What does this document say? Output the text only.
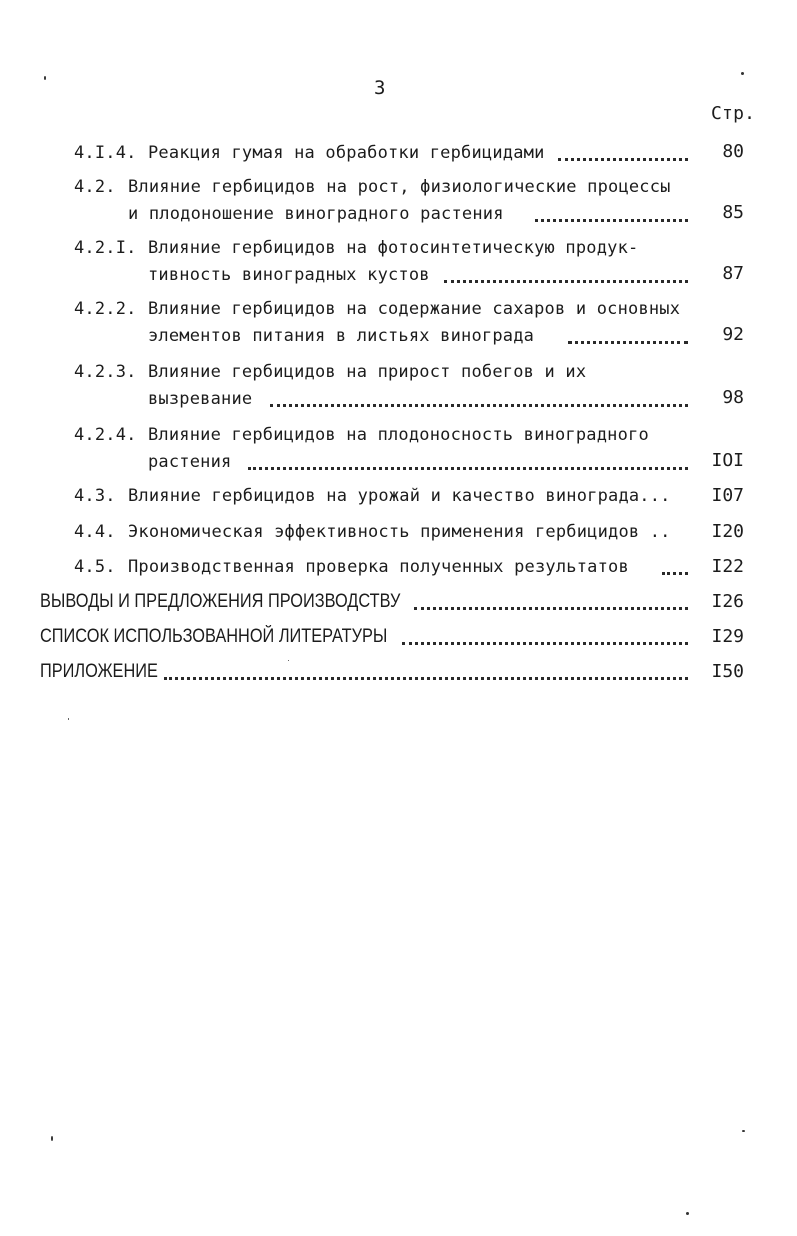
3
Стр.
4.I.4. Реакция гумая на обработки гербицидами	80
4.2. Влияние гербицидов на рост, физиологические процессы
и плодоношение виноградного растения	85
4.2.I. Влияние гербицидов на фотосинтетическую продук-
тивность виноградных кустов	87
4.2.2. Влияние гербицидов на содержание сахаров и основных
элементов питания в листьях винограда	92
4.2.3. Влияние гербицидов на прирост побегов и их
вызревание	98
4.2.4. Влияние гербицидов на плодоносность виноградного
растения	IOI
4.3. Влияние гербицидов на урожай и качество винограда...	I07
4.4. Экономическая эффективность применения гербицидов ..	I20
4.5. Производственная проверка полученных результатов	I22
ВЫВОДЫ И ПРЕДЛОЖЕНИЯ ПРОИЗВОДСТВУ	I26
СПИСОК ИСПОЛЬЗОВАННОЙ ЛИТЕРАТУРЫ	I29
ПРИЛОЖЕНИЕ	I50
